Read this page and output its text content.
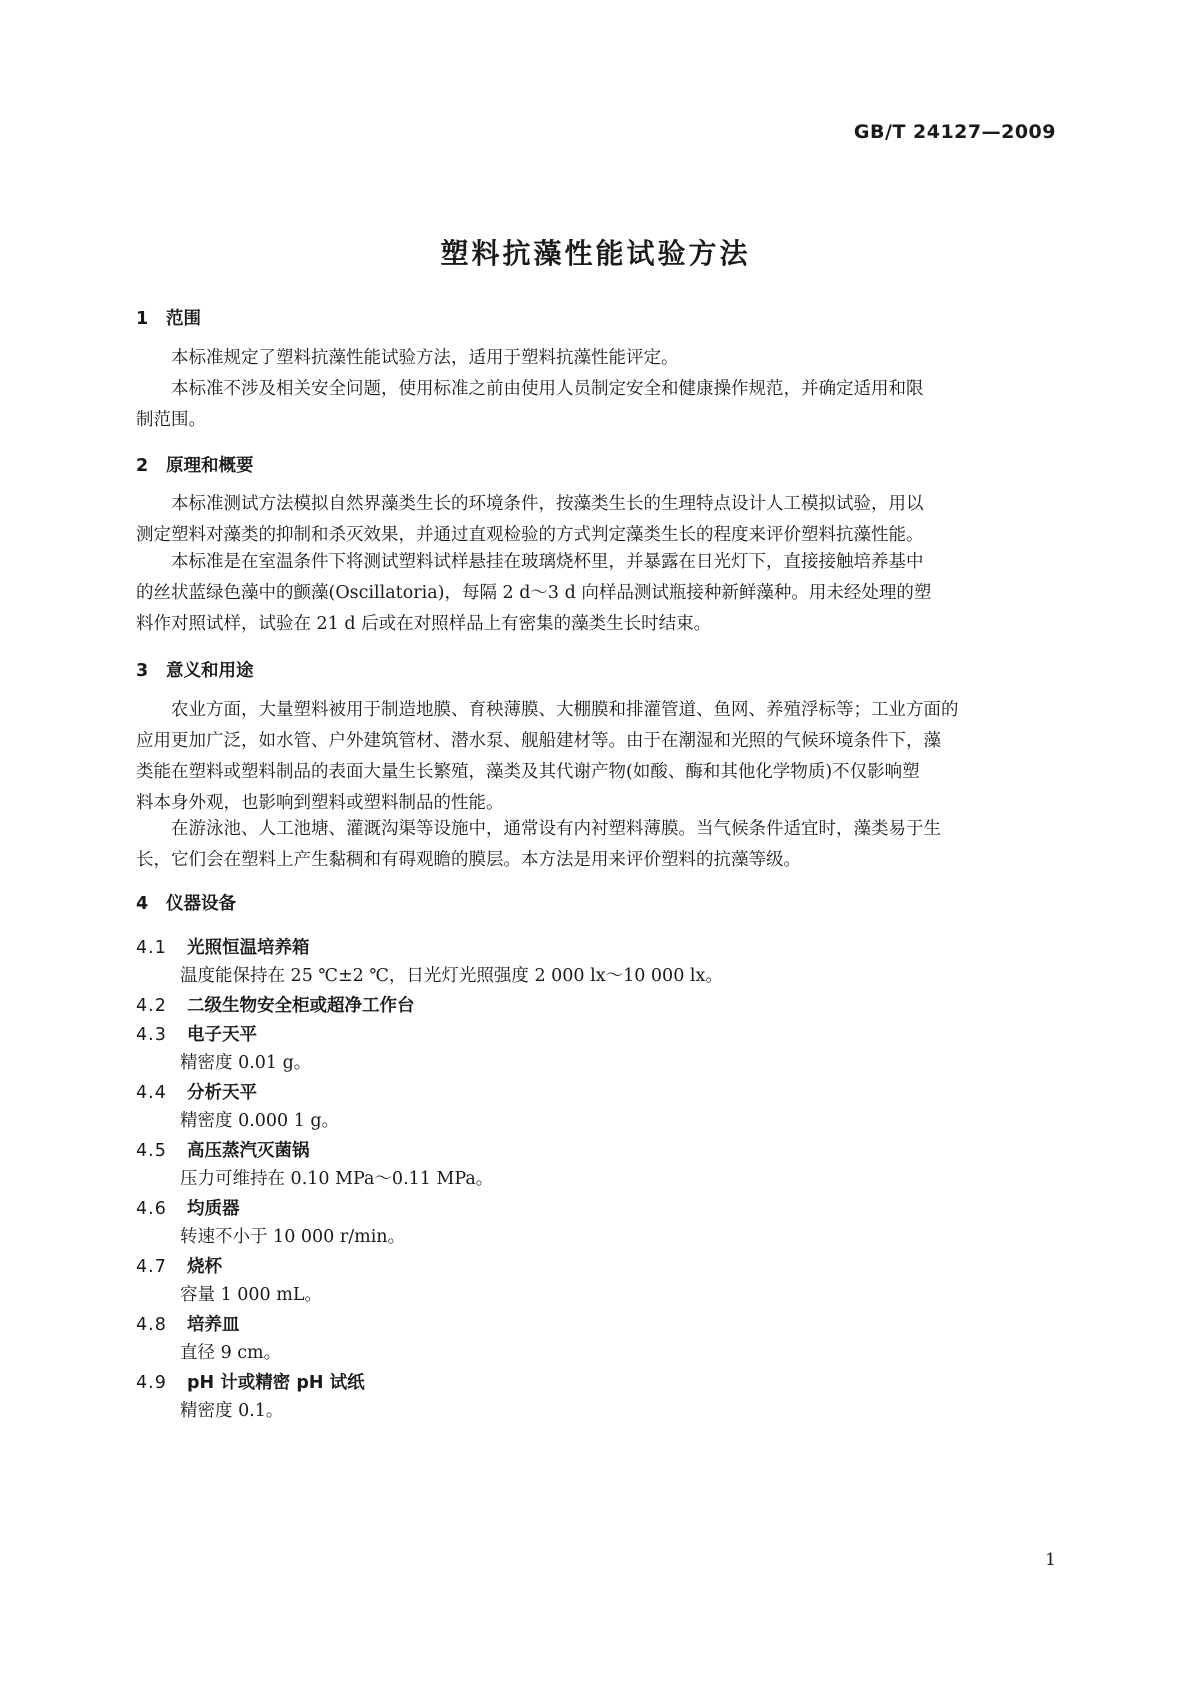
GB/T 24127—2009
塑料抗藻性能试验方法
1 范围
本标准规定了塑料抗藻性能试验方法，适用于塑料抗藻性能评定。
本标准不涉及相关安全问题，使用标准之前由使用人员制定安全和健康操作规范，并确定适用和限
制范围。
2 原理和概要
本标准测试方法模拟自然界藻类生长的环境条件，按藻类生长的生理特点设计人工模拟试验，用以
测定塑料对藻类的抑制和杀灭效果，并通过直观检验的方式判定藻类生长的程度来评价塑料抗藻性能。
本标准是在室温条件下将测试塑料试样悬挂在玻璃烧杯里，并暴露在日光灯下，直接接触培养基中
的丝状蓝绿色藻中的颤藻(Oscillatoria)，每隔 2 d～3 d 向样品测试瓶接种新鲜藻种。用未经处理的塑
料作对照试样，试验在 21 d 后或在对照样品上有密集的藻类生长时结束。
3 意义和用途
农业方面，大量塑料被用于制造地膜、育秧薄膜、大棚膜和排灌管道、鱼网、养殖浮标等；工业方面的
应用更加广泛，如水管、户外建筑管材、潜水泵、舰船建材等。由于在潮湿和光照的气候环境条件下，藻
类能在塑料或塑料制品的表面大量生长繁殖，藻类及其代谢产物(如酸、酶和其他化学物质)不仅影响塑
料本身外观，也影响到塑料或塑料制品的性能。
在游泳池、人工池塘、灌溉沟渠等设施中，通常设有内衬塑料薄膜。当气候条件适宜时，藻类易于生
长，它们会在塑料上产生黏稠和有碍观瞻的膜层。本方法是用来评价塑料的抗藻等级。
4 仪器设备
4.1 光照恒温培养箱
温度能保持在 25 ℃±2 ℃，日光灯光照强度 2 000 lx～10 000 lx。
4.2 二级生物安全柜或超净工作台
4.3 电子天平
精密度 0.01 g。
4.4 分析天平
精密度 0.000 1 g。
4.5 高压蒸汽灭菌锅
压力可维持在 0.10 MPa～0.11 MPa。
4.6 均质器
转速不小于 10 000 r/min。
4.7 烧杯
容量 1 000 mL。
4.8 培养皿
直径 9 cm。
4.9 pH 计或精密 pH 试纸
精密度 0.1。
1
